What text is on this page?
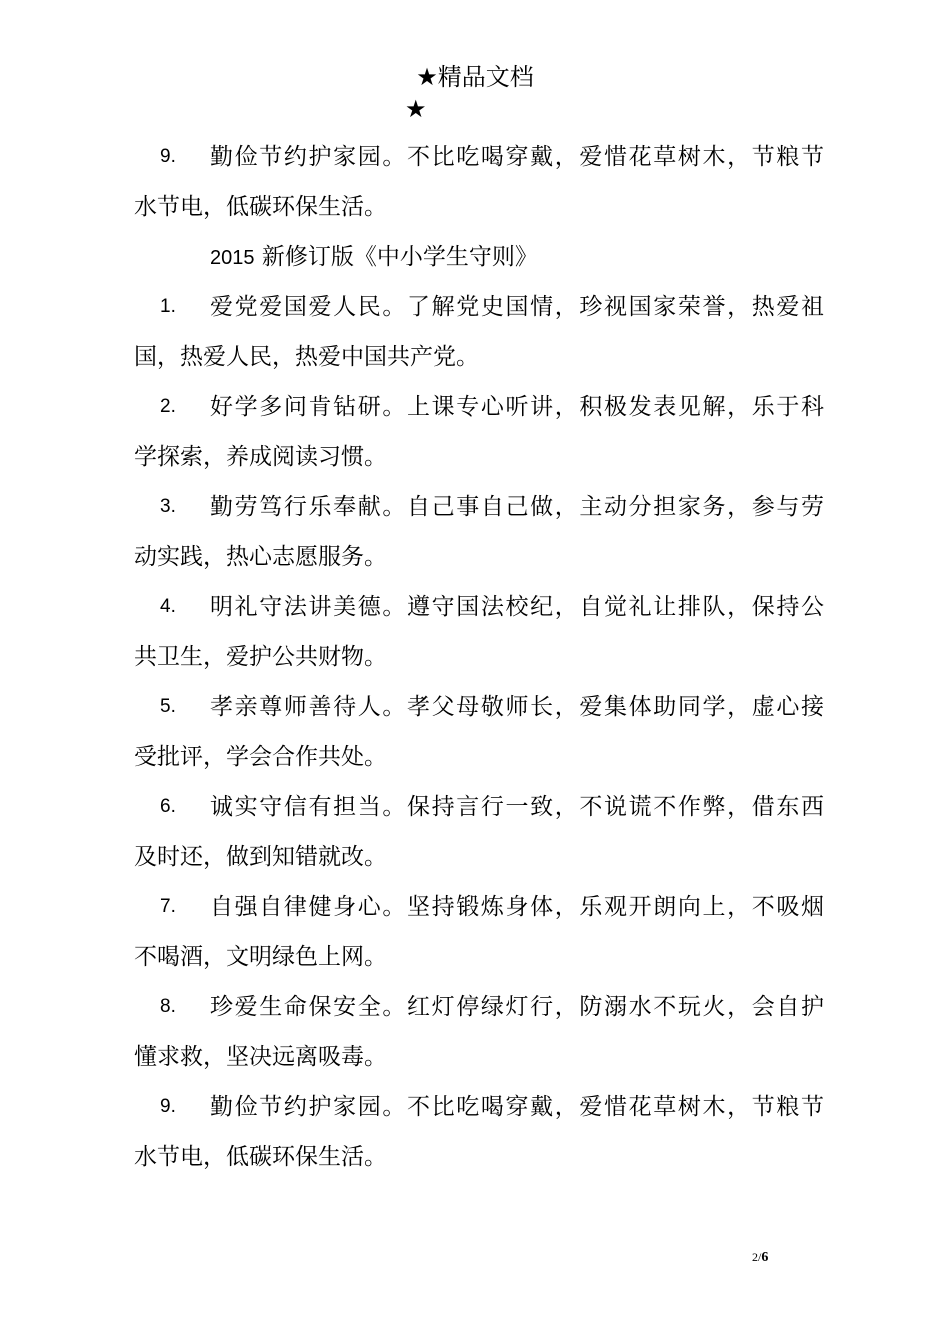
★精品文档
★
9. 勤俭节约护家园。不比吃喝穿戴，爱惜花草树木，节粮节
水节电，低碳环保生活。
2015 新修订版《中小学生守则》
1. 爱党爱国爱人民。了解党史国情，珍视国家荣誉，热爱祖
国，热爱人民，热爱中国共产党。
2. 好学多问肯钻研。上课专心听讲，积极发表见解，乐于科
学探索，养成阅读习惯。
3. 勤劳笃行乐奉献。自己事自己做，主动分担家务，参与劳
动实践，热心志愿服务。
4. 明礼守法讲美德。遵守国法校纪，自觉礼让排队，保持公
共卫生，爱护公共财物。
5. 孝亲尊师善待人。孝父母敬师长，爱集体助同学，虚心接
受批评，学会合作共处。
6. 诚实守信有担当。保持言行一致，不说谎不作弊，借东西
及时还，做到知错就改。
7. 自强自律健身心。坚持锻炼身体，乐观开朗向上，不吸烟
不喝酒，文明绿色上网。
8. 珍爱生命保安全。红灯停绿灯行，防溺水不玩火，会自护
懂求救，坚决远离吸毒。
9. 勤俭节约护家园。不比吃喝穿戴，爱惜花草树木，节粮节
水节电，低碳环保生活。
2/6
